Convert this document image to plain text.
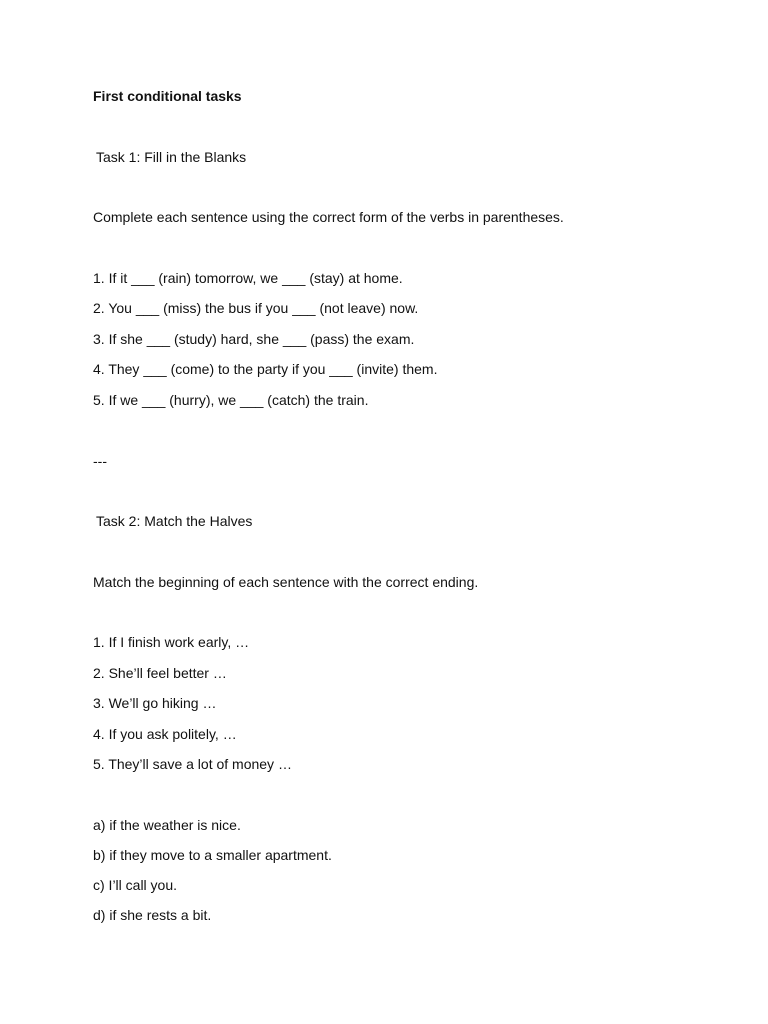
First conditional tasks
Task 1: Fill in the Blanks
Complete each sentence using the correct form of the verbs in parentheses.
1. If it ___ (rain) tomorrow, we ___ (stay) at home.
2. You ___ (miss) the bus if you ___ (not leave) now.
3. If she ___ (study) hard, she ___ (pass) the exam.
4. They ___ (come) to the party if you ___ (invite) them.
5. If we ___ (hurry), we ___ (catch) the train.
---
Task 2: Match the Halves
Match the beginning of each sentence with the correct ending.
1. If I finish work early, …
2. She’ll feel better …
3. We’ll go hiking …
4. If you ask politely, …
5. They’ll save a lot of money …
a) if the weather is nice.
b) if they move to a smaller apartment.
c) I’ll call you.
d) if she rests a bit.
